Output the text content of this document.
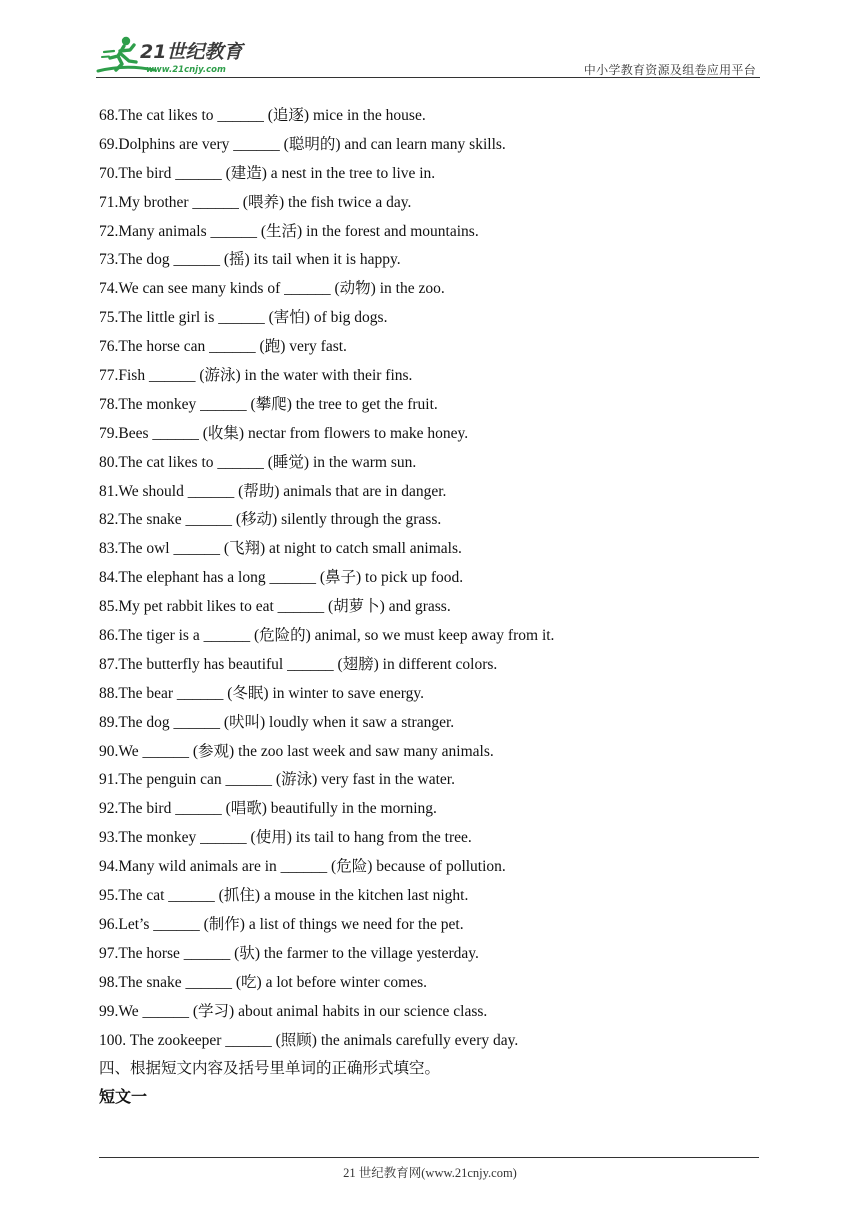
21世纪教育
www.21cnjy.com	中小学教育资源及组卷应用平台
68.The cat likes to ______ (追逐) mice in the house.
69.Dolphins are very ______ (聪明的) and can learn many skills.
70.The bird ______ (建造) a nest in the tree to live in.
71.My brother ______ (喂养) the fish twice a day.
72.Many animals ______ (生活) in the forest and mountains.
73.The dog ______ (摇) its tail when it is happy.
74.We can see many kinds of ______ (动物) in the zoo.
75.The little girl is ______ (害怕) of big dogs.
76.The horse can ______ (跑) very fast.
77.Fish ______ (游泳) in the water with their fins.
78.The monkey ______ (攀爬) the tree to get the fruit.
79.Bees ______ (收集) nectar from flowers to make honey.
80.The cat likes to ______ (睡觉) in the warm sun.
81.We should ______ (帮助) animals that are in danger.
82.The snake ______ (移动) silently through the grass.
83.The owl ______ (飞翔) at night to catch small animals.
84.The elephant has a long ______ (鼻子) to pick up food.
85.My pet rabbit likes to eat ______ (胡萝卜) and grass.
86.The tiger is a ______ (危险的) animal, so we must keep away from it.
87.The butterfly has beautiful ______ (翅膀) in different colors.
88.The bear ______ (冬眠) in winter to save energy.
89.The dog ______ (吠叫) loudly when it saw a stranger.
90.We ______ (参观) the zoo last week and saw many animals.
91.The penguin can ______ (游泳) very fast in the water.
92.The bird ______ (唱歌) beautifully in the morning.
93.The monkey ______ (使用) its tail to hang from the tree.
94.Many wild animals are in ______ (危险) because of pollution.
95.The cat ______ (抓住) a mouse in the kitchen last night.
96.Let’s ______ (制作) a list of things we need for the pet.
97.The horse ______ (驮) the farmer to the village yesterday.
98.The snake ______ (吃) a lot before winter comes.
99.We ______ (学习) about animal habits in our science class.
100. The zookeeper ______ (照顾) the animals carefully every day.
四、根据短文内容及括号里单词的正确形式填空。
短文一
21 世纪教育网(www.21cnjy.com)
